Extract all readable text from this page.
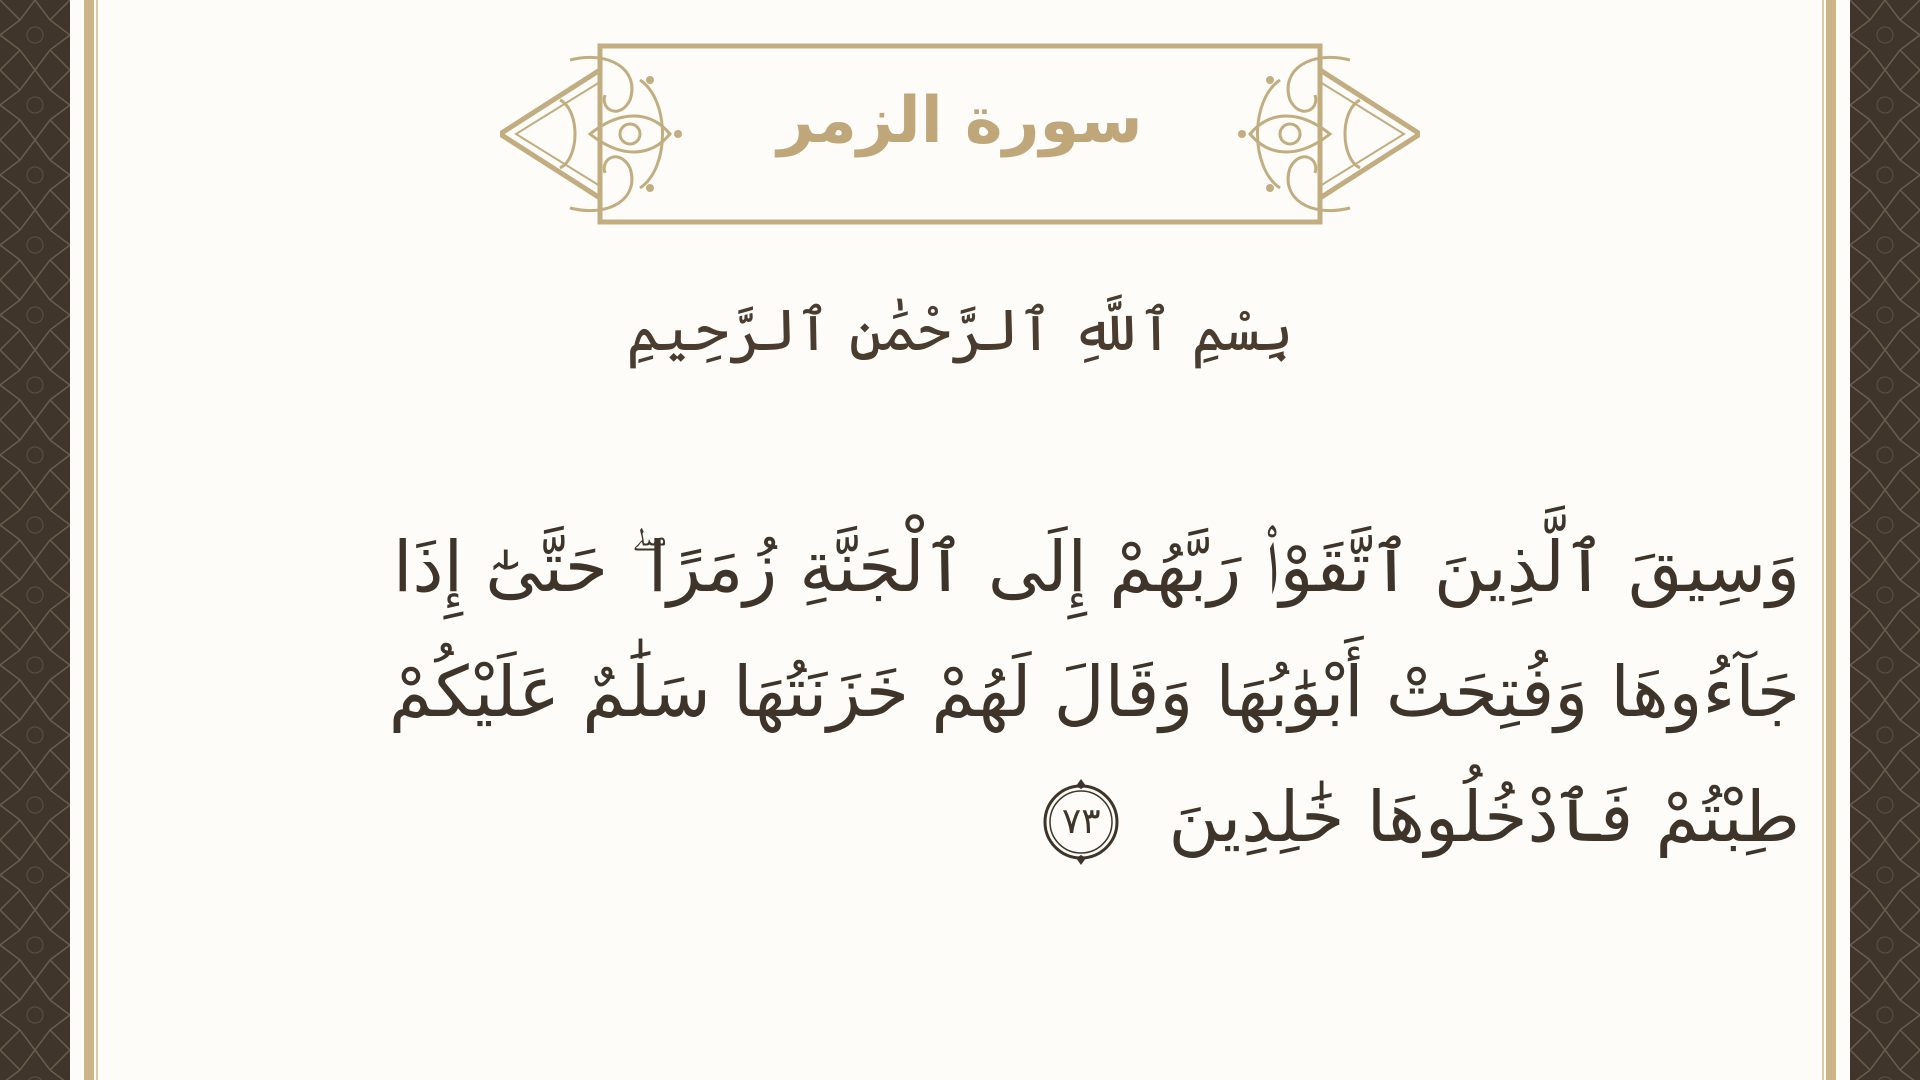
سورة الزمر
بِسْمِ ٱللَّهِ ٱلرَّحْمَٰنِ ٱلرَّحِيمِ
وَسِيقَ ٱلَّذِينَ ٱتَّقَوْا۟ رَبَّهُمْ إِلَى ٱلْجَنَّةِ زُمَرًا ۖ حَتَّىٰٓ إِذَا جَآءُوهَا وَفُتِحَتْ أَبْوَٰبُهَا وَقَالَ لَهُمْ خَزَنَتُهَا سَلَٰمٌ عَلَيْكُمْ طِبْتُمْ فَٱدْخُلُوهَا خَٰلِدِينَ
٧٣
